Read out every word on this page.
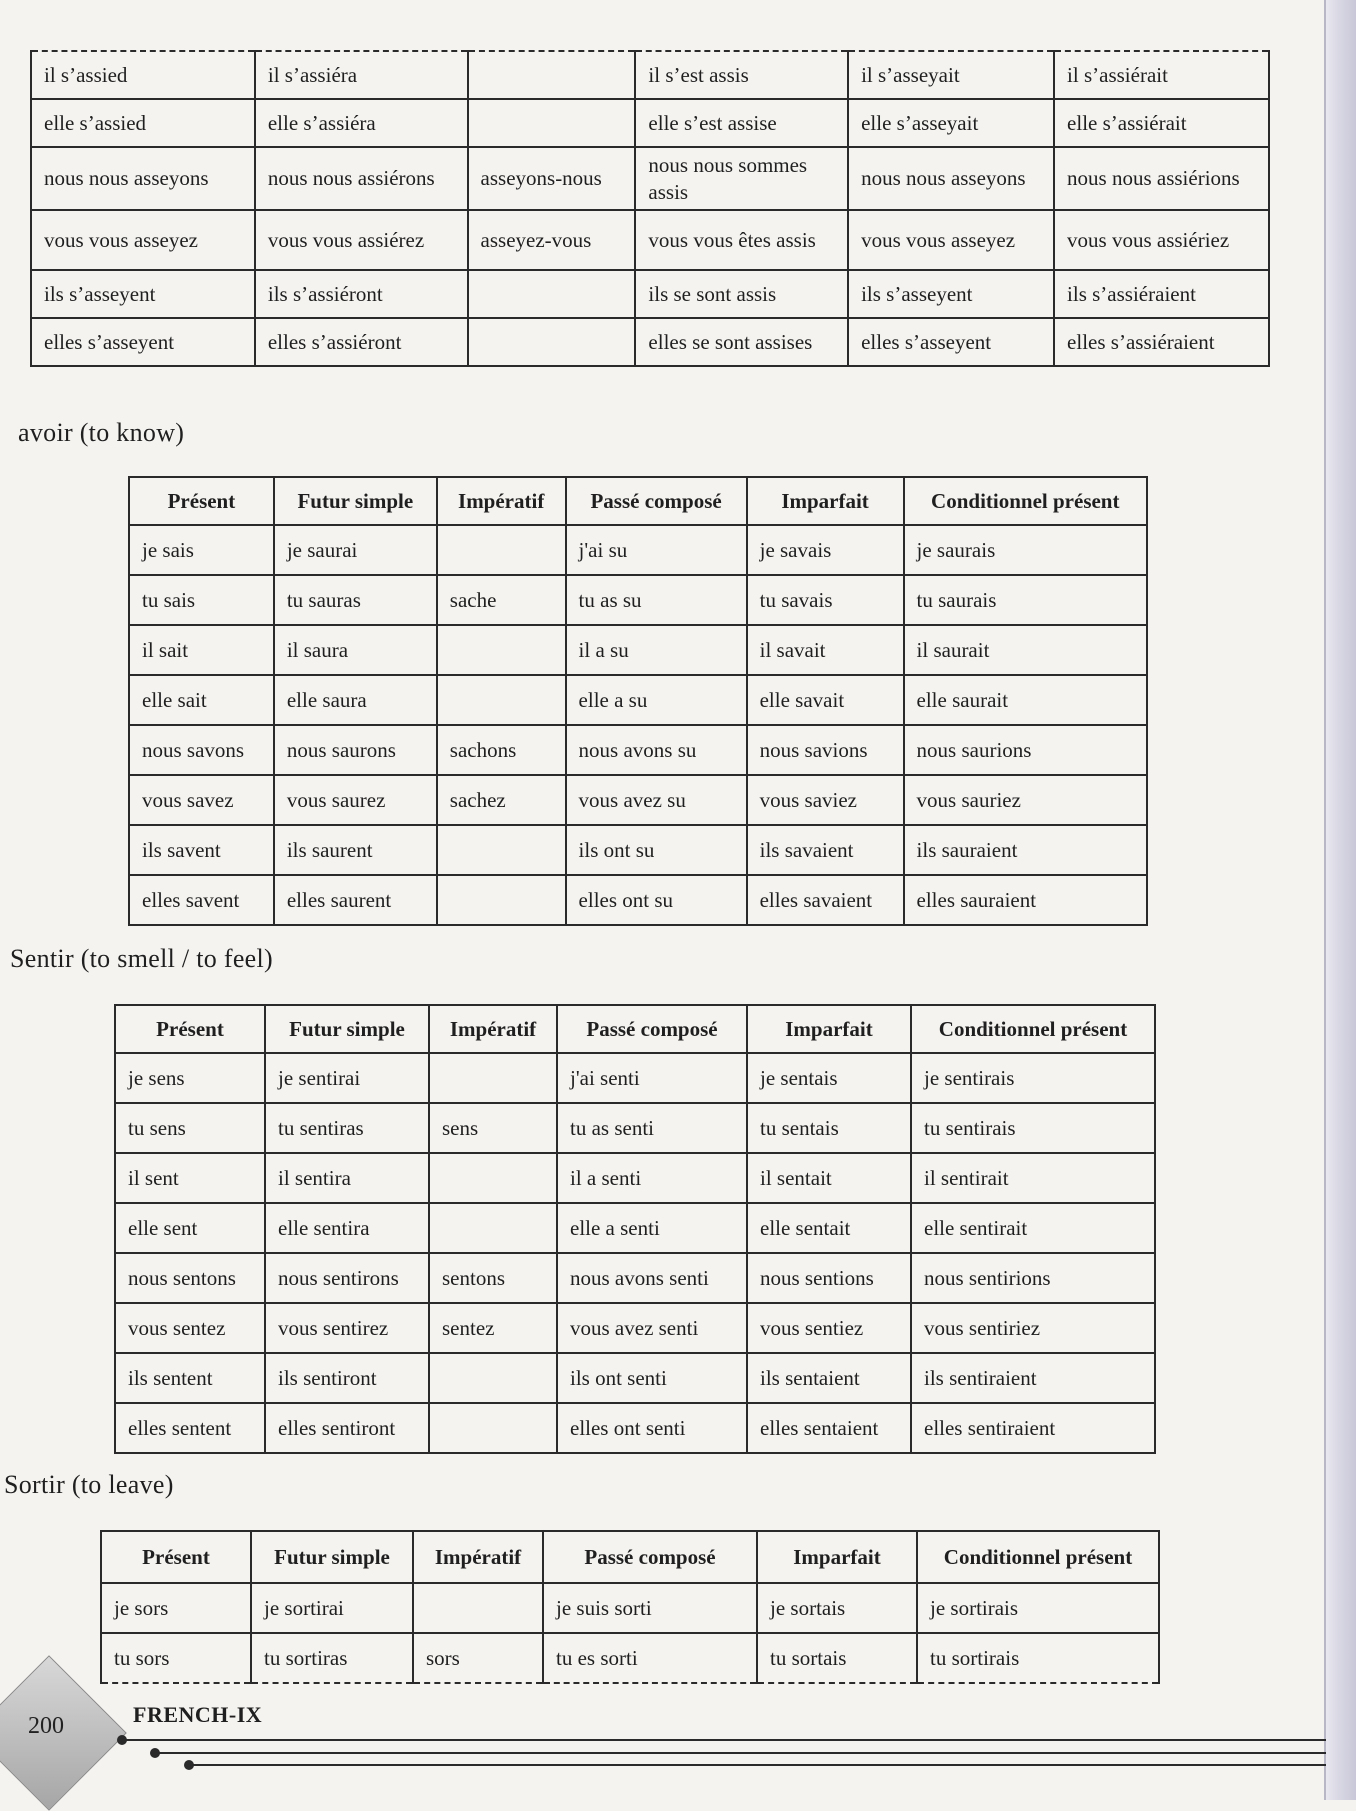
il s’assied	il s’assiéra		il s’est assis	il s’asseyait	il s’assiérait
elle s’assied	elle s’assiéra		elle s’est assise	elle s’asseyait	elle s’assiérait
nous nous asseyons	nous nous assiérons	asseyons-nous	nous nous sommes assis	nous nous asseyons	nous nous assiérions
vous vous asseyez	vous vous assiérez	asseyez-vous	vous vous êtes assis	vous vous asseyez	vous vous assiériez
ils s’asseyent	ils s’assiéront		ils se sont assis	ils s’asseyent	ils s’assiéraient
elles s’asseyent	elles s’assiéront		elles se sont assises	elles s’asseyent	elles s’assiéraient
avoir (to know)
Présent	Futur simple	Impératif	Passé composé	Imparfait	Conditionnel présent
je sais	je saurai		j'ai su	je savais	je saurais
tu sais	tu sauras	sache	tu as su	tu savais	tu saurais
il sait	il saura		il a su	il savait	il saurait
elle sait	elle saura		elle a su	elle savait	elle saurait
nous savons	nous saurons	sachons	nous avons su	nous savions	nous saurions
vous savez	vous saurez	sachez	vous avez su	vous saviez	vous sauriez
ils savent	ils saurent		ils ont su	ils savaient	ils sauraient
elles savent	elles saurent		elles ont su	elles savaient	elles sauraient
Sentir (to smell / to feel)
Présent	Futur simple	Impératif	Passé composé	Imparfait	Conditionnel présent
je sens	je sentirai		j'ai senti	je sentais	je sentirais
tu sens	tu sentiras	sens	tu as senti	tu sentais	tu sentirais
il sent	il sentira		il a senti	il sentait	il sentirait
elle sent	elle sentira		elle a senti	elle sentait	elle sentirait
nous sentons	nous sentirons	sentons	nous avons senti	nous sentions	nous sentirions
vous sentez	vous sentirez	sentez	vous avez senti	vous sentiez	vous sentiriez
ils sentent	ils sentiront		ils ont senti	ils sentaient	ils sentiraient
elles sentent	elles sentiront		elles ont senti	elles sentaient	elles sentiraient
Sortir (to leave)
Présent	Futur simple	Impératif	Passé composé	Imparfait	Conditionnel présent
je sors	je sortirai		je suis sorti	je sortais	je sortirais
tu sors	tu sortiras	sors	tu es sorti	tu sortais	tu sortirais
200	FRENCH-IX
